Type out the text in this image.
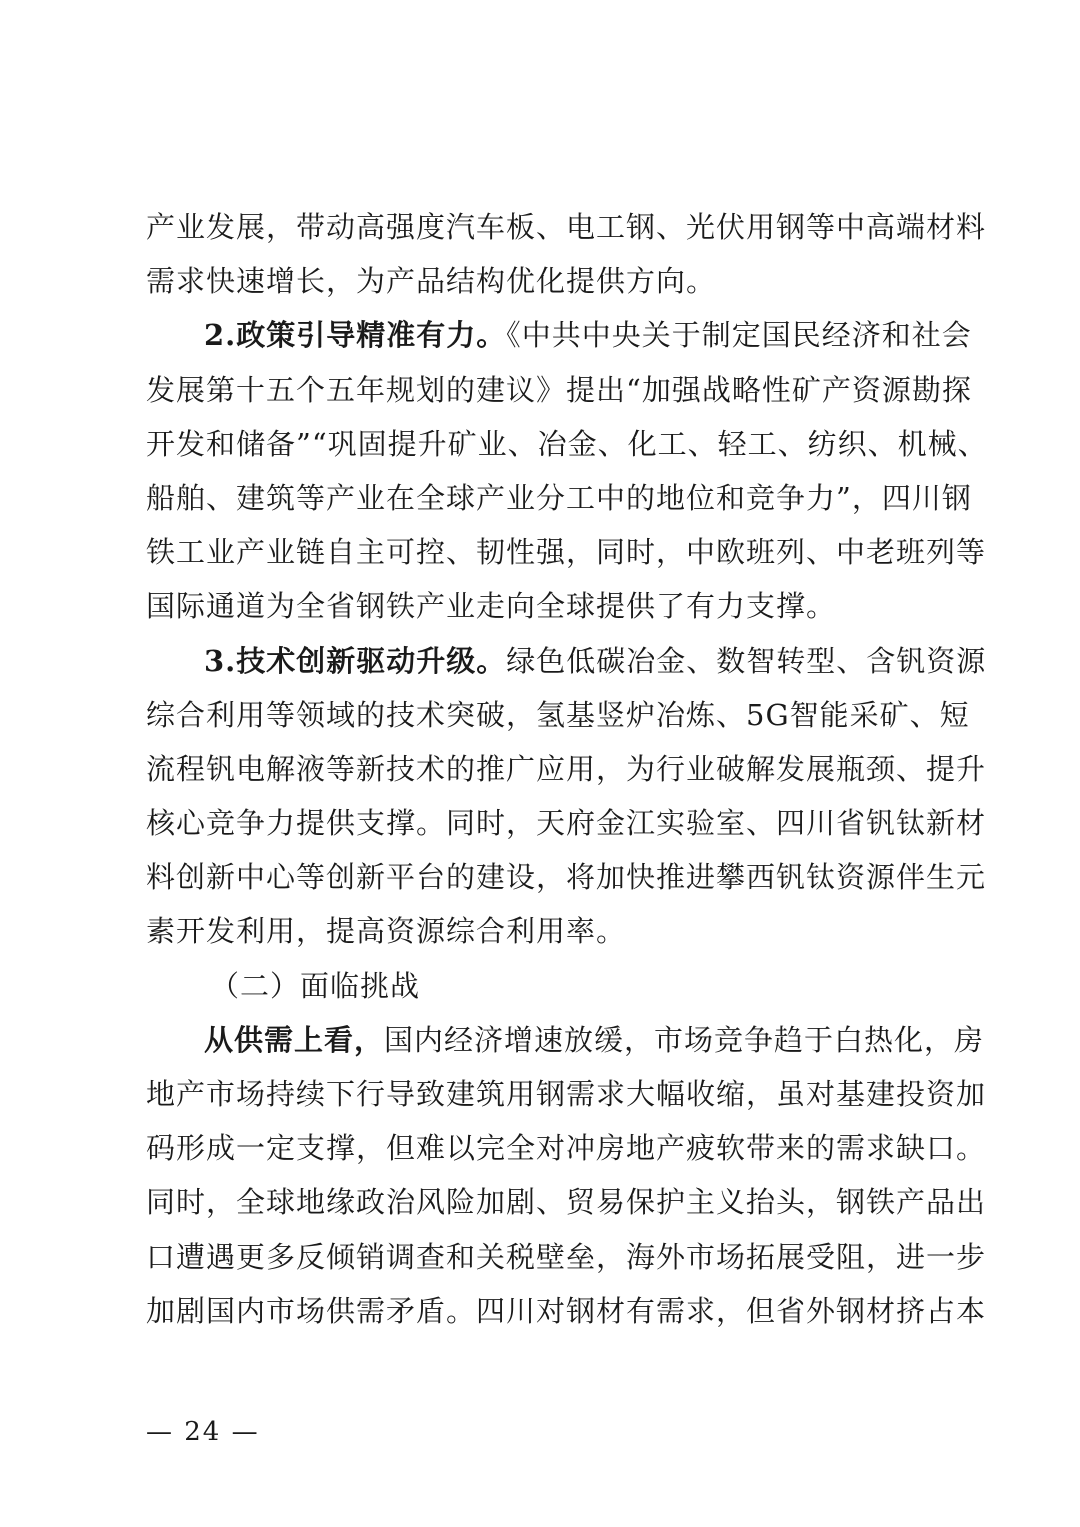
产业发展，带动高强度汽车板、电工钢、光伏用钢等中高端材料
需求快速增长，为产品结构优化提供方向。
2.政策引导精准有力。《中共中央关于制定国民经济和社会
发展第十五个五年规划的建议》提出“加强战略性矿产资源勘探
开发和储备”“巩固提升矿业、冶金、化工、轻工、纺织、机械、
船舶、建筑等产业在全球产业分工中的地位和竞争力”，四川钢
铁工业产业链自主可控、韧性强，同时，中欧班列、中老班列等
国际通道为全省钢铁产业走向全球提供了有力支撑。
3.技术创新驱动升级。绿色低碳冶金、数智转型、含钒资源
综合利用等领域的技术突破，氢基竖炉冶炼、5G智能采矿、短
流程钒电解液等新技术的推广应用，为行业破解发展瓶颈、提升
核心竞争力提供支撑。同时，天府金江实验室、四川省钒钛新材
料创新中心等创新平台的建设，将加快推进攀西钒钛资源伴生元
素开发利用，提高资源综合利用率。
（二）面临挑战
从供需上看，国内经济增速放缓，市场竞争趋于白热化，房
地产市场持续下行导致建筑用钢需求大幅收缩，虽对基建投资加
码形成一定支撑，但难以完全对冲房地产疲软带来的需求缺口。
同时，全球地缘政治风险加剧、贸易保护主义抬头，钢铁产品出
口遭遇更多反倾销调查和关税壁垒，海外市场拓展受阻，进一步
加剧国内市场供需矛盾。四川对钢材有需求，但省外钢材挤占本
— 24 —
